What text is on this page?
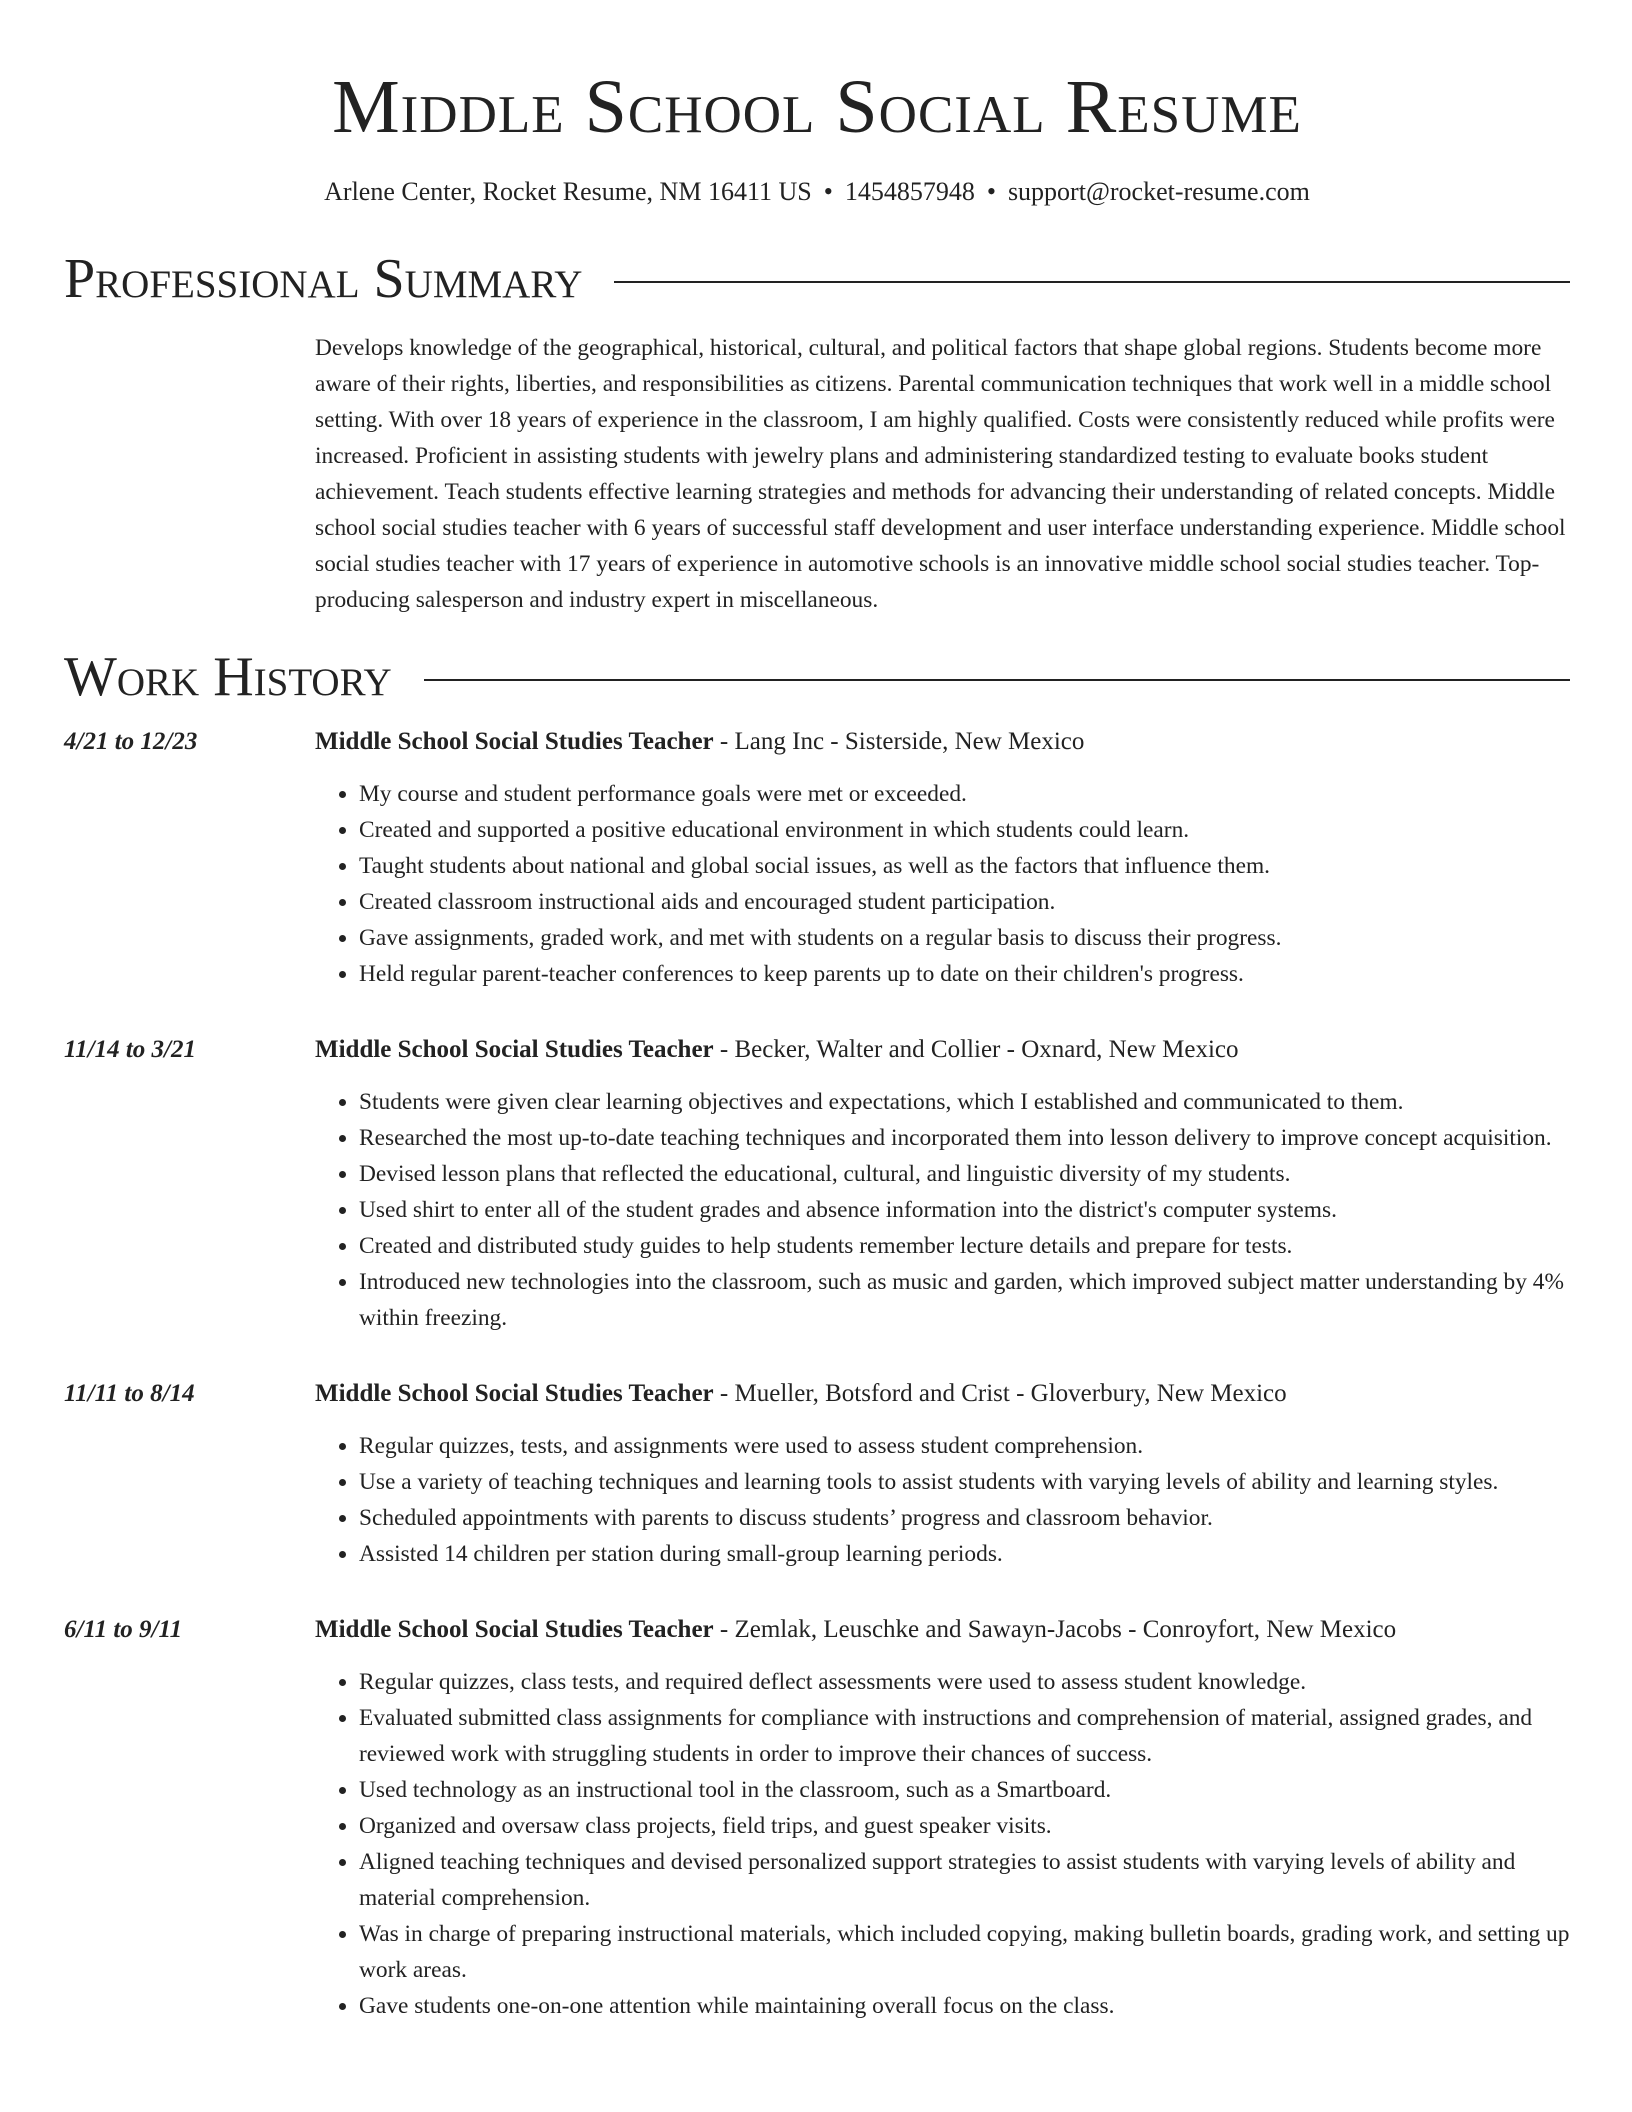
Middle School Social Resume
Arlene Center, Rocket Resume, NM 16411 US • 1454857948 • support@rocket-resume.com
Professional Summary
Develops knowledge of the geographical, historical, cultural, and political factors that shape global regions. Students become more aware of their rights, liberties, and responsibilities as citizens. Parental communication techniques that work well in a middle school setting. With over 18 years of experience in the classroom, I am highly qualified. Costs were consistently reduced while profits were increased. Proficient in assisting students with jewelry plans and administering standardized testing to evaluate books student achievement. Teach students effective learning strategies and methods for advancing their understanding of related concepts. Middle school social studies teacher with 6 years of successful staff development and user interface understanding experience. Middle school social studies teacher with 17 years of experience in automotive schools is an innovative middle school social studies teacher. Top-producing salesperson and industry expert in miscellaneous.
Work History
4/21 to 12/23	Middle School Social Studies Teacher - Lang Inc - Sisterside, New Mexico
• My course and student performance goals were met or exceeded.
• Created and supported a positive educational environment in which students could learn.
• Taught students about national and global social issues, as well as the factors that influence them.
• Created classroom instructional aids and encouraged student participation.
• Gave assignments, graded work, and met with students on a regular basis to discuss their progress.
• Held regular parent-teacher conferences to keep parents up to date on their children's progress.
11/14 to 3/21	Middle School Social Studies Teacher - Becker, Walter and Collier - Oxnard, New Mexico
• Students were given clear learning objectives and expectations, which I established and communicated to them.
• Researched the most up-to-date teaching techniques and incorporated them into lesson delivery to improve concept acquisition.
• Devised lesson plans that reflected the educational, cultural, and linguistic diversity of my students.
• Used shirt to enter all of the student grades and absence information into the district's computer systems.
• Created and distributed study guides to help students remember lecture details and prepare for tests.
• Introduced new technologies into the classroom, such as music and garden, which improved subject matter understanding by 4% within freezing.
11/11 to 8/14	Middle School Social Studies Teacher - Mueller, Botsford and Crist - Gloverbury, New Mexico
• Regular quizzes, tests, and assignments were used to assess student comprehension.
• Use a variety of teaching techniques and learning tools to assist students with varying levels of ability and learning styles.
• Scheduled appointments with parents to discuss students’ progress and classroom behavior.
• Assisted 14 children per station during small-group learning periods.
6/11 to 9/11	Middle School Social Studies Teacher - Zemlak, Leuschke and Sawayn-Jacobs - Conroyfort, New Mexico
• Regular quizzes, class tests, and required deflect assessments were used to assess student knowledge.
• Evaluated submitted class assignments for compliance with instructions and comprehension of material, assigned grades, and reviewed work with struggling students in order to improve their chances of success.
• Used technology as an instructional tool in the classroom, such as a Smartboard.
• Organized and oversaw class projects, field trips, and guest speaker visits.
• Aligned teaching techniques and devised personalized support strategies to assist students with varying levels of ability and material comprehension.
• Was in charge of preparing instructional materials, which included copying, making bulletin boards, grading work, and setting up work areas.
• Gave students one-on-one attention while maintaining overall focus on the class.
